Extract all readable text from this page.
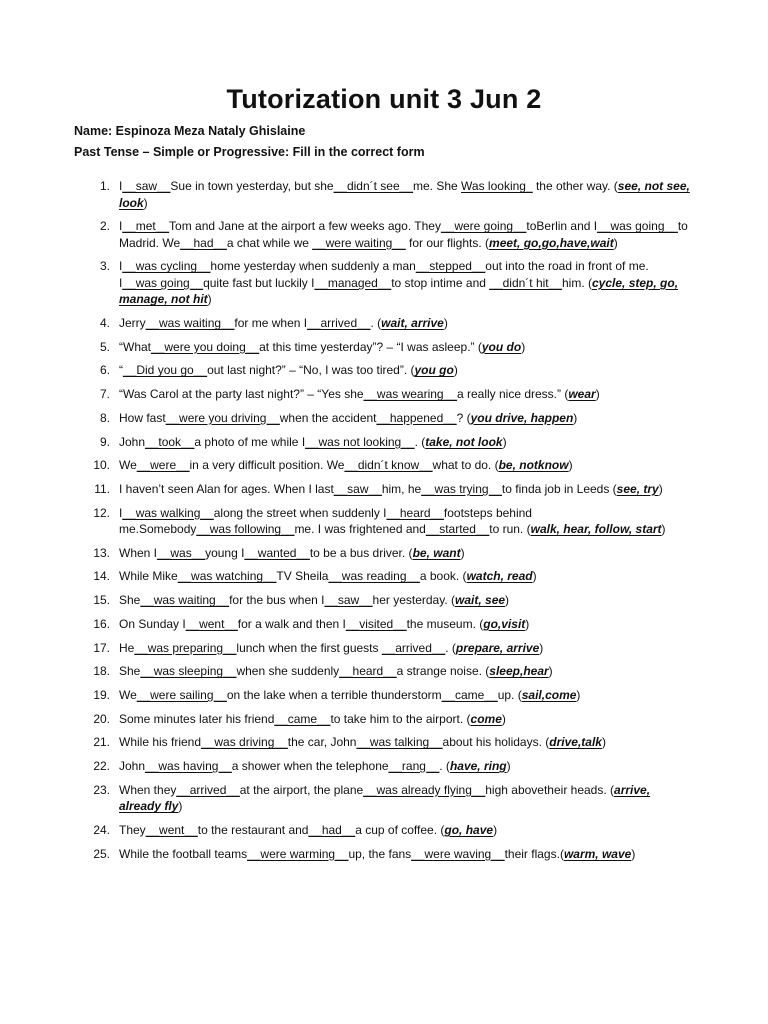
Tutorization unit 3 Jun 2
Name: Espinoza Meza Nataly Ghislaine
Past Tense – Simple or Progressive: Fill in the correct form
1. I__saw__Sue in town yesterday, but she__didn´t see__me. She Was looking_ the other way. (see, not see, look)
2. I__met__Tom and Jane at the airport a few weeks ago. They__were going__toBerlin and I__was going__to Madrid. We__had__a chat while we __were waiting__ for our flights. (meet, go,go,have,wait)
3. I__was cycling__home yesterday when suddenly a man__stepped__out into the road in front of me. I__was going__quite fast but luckily I__managed__to stop intime and __didn´t hit__him. (cycle, step, go, manage, not hit)
4. Jerry__was waiting__for me when I__arrived__. (wait, arrive)
5. “What__were you doing__at this time yesterday”? – “I was asleep.” (you do)
6. “__Did you go__out last night?” – “No, I was too tired”. (you go)
7. “Was Carol at the party last night?” – “Yes she__was wearing__a really nice dress.” (wear)
8. How fast__were you driving__when the accident__happened__? (you drive, happen)
9. John__took__a photo of me while I__was not looking__. (take, not look)
10. We__were__in a very difficult position. We__didn´t know__what to do. (be, notknow)
11. I haven’t seen Alan for ages. When I last__saw__him, he__was trying__to finda job in Leeds (see, try)
12. I__was walking__along the street when suddenly I__heard__footsteps behind me.Somebody__was following__me. I was frightened and__started__to run. (walk, hear, follow, start)
13. When I__was__young I__wanted__to be a bus driver. (be, want)
14. While Mike__was watching__TV Sheila__was reading__a book. (watch, read)
15. She__was waiting__for the bus when I__saw__her yesterday. (wait, see)
16. On Sunday I__went__for a walk and then I__visited__the museum. (go,visit)
17. He__was preparing__lunch when the first guests __arrived__. (prepare, arrive)
18. She__was sleeping__when she suddenly__heard__a strange noise. (sleep,hear)
19. We__were sailing__on the lake when a terrible thunderstorm__came__up. (sail,come)
20. Some minutes later his friend__came__to take him to the airport. (come)
21. While his friend__was driving__the car, John__was talking__about his holidays. (drive,talk)
22. John__was having__a shower when the telephone__rang__. (have, ring)
23. When they__arrived__at the airport, the plane__was already flying__high abovetheir heads. (arrive, already fly)
24. They__went__to the restaurant and__had__a cup of coffee. (go, have)
25. While the football teams__were warming__up, the fans__were waving__their flags.(warm, wave)
